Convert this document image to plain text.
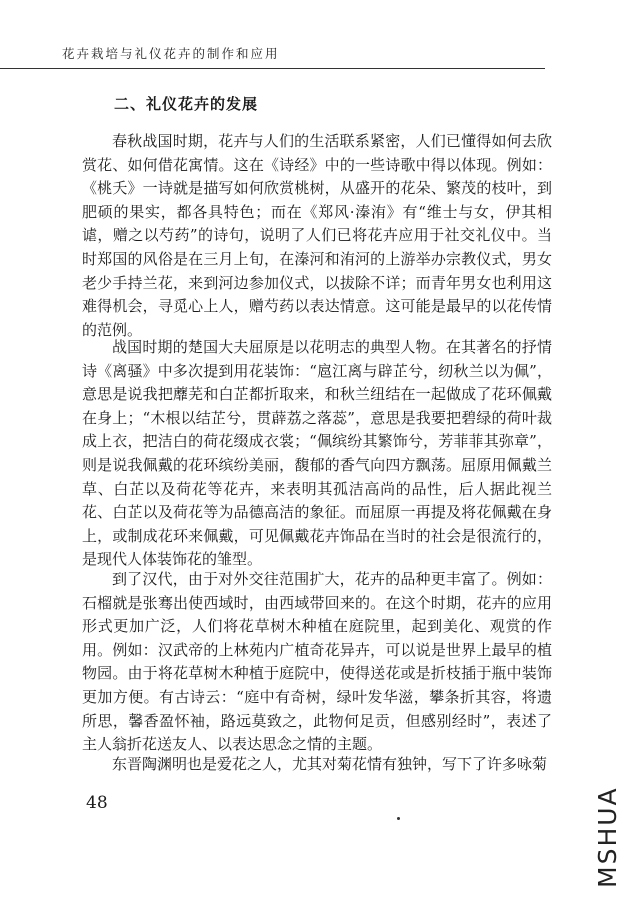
花卉栽培与礼仪花卉的制作和应用
二、礼仪花卉的发展

春秋战国时期，花卉与人们的生活联系紧密，人们已懂得如何去欣赏花、如何借花寓情。这在《诗经》中的一些诗歌中得以体现。例如：《桃夭》一诗就是描写如何欣赏桃树，从盛开的花朵、繁茂的枝叶，到肥硕的果实，都各具特色；而在《郑风·溱洧》有“维士与女，伊其相谑，赠之以芍药”的诗句，说明了人们已将花卉应用于社交礼仪中。当时郑国的风俗是在三月上旬，在溱河和洧河的上游举办宗教仪式，男女老少手持兰花，来到河边参加仪式，以拔除不详；而青年男女也利用这难得机会，寻觅心上人，赠芍药以表达情意。这可能是最早的以花传情的范例。

战国时期的楚国大夫屈原是以花明志的典型人物。在其著名的抒情诗《离骚》中多次提到用花装饰：“扈江离与辟芷兮，纫秋兰以为佩”，意思是说我把蘼芜和白芷都折取来，和秋兰纽结在一起做成了花环佩戴在身上；“木根以结芷兮，贯薜荔之落蕊”，意思是我要把碧绿的荷叶裁成上衣，把洁白的荷花缀成衣裳；“佩缤纷其繁饰兮，芳菲菲其弥章”，则是说我佩戴的花环缤纷美丽，馥郁的香气向四方飘荡。屈原用佩戴兰草、白芷以及荷花等花卉，来表明其孤洁高尚的品性，后人据此视兰花、白芷以及荷花等为品德高洁的象征。而屈原一再提及将花佩戴在身上，或制成花环来佩戴，可见佩戴花卉饰品在当时的社会是很流行的，是现代人体装饰花的雏型。

到了汉代，由于对外交往范围扩大，花卉的品种更丰富了。例如：石榴就是张骞出使西域时，由西域带回来的。在这个时期，花卉的应用形式更加广泛，人们将花草树木种植在庭院里，起到美化、观赏的作用。例如：汉武帝的上林苑内广植奇花异卉，可以说是世界上最早的植物园。由于将花草树木种植于庭院中，使得送花或是折枝插于瓶中装饰更加方便。有古诗云：“庭中有奇树，绿叶发华滋，攀条折其容，将遗所思，馨香盈怀袖，路远莫致之，此物何足贡，但感别经时”，表述了主人翁折花送友人、以表达思念之情的主题。

东晋陶渊明也是爱花之人，尤其对菊花情有独钟，写下了许多咏菊

48	MSHUA
